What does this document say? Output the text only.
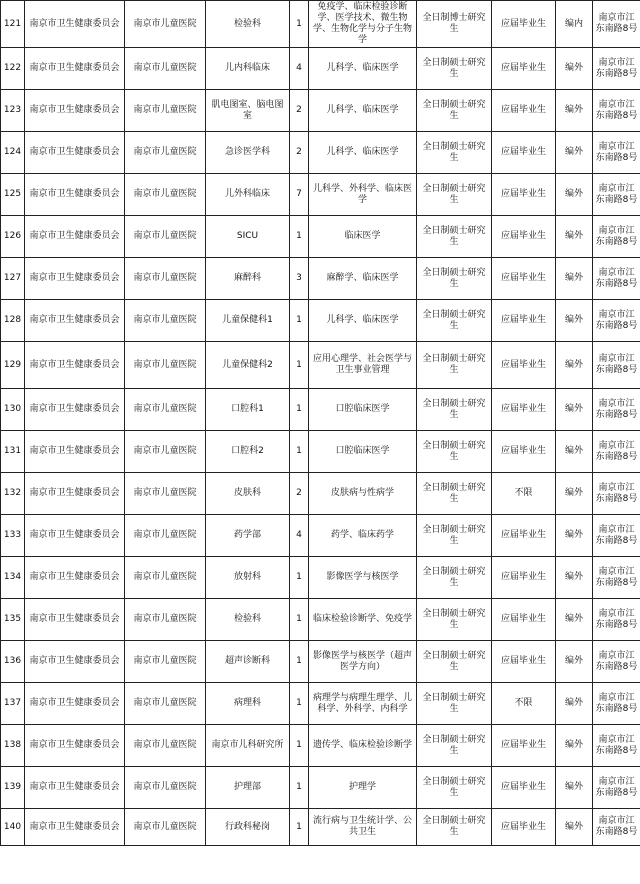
121	南京市卫生健康委员会	南京市儿童医院	检验科	1	免疫学、临床检验诊断学、医学技术、微生物学、生物化学与分子生物学	全日制博士研究生	应届毕业生	编内	南京市江东南路8号
122	南京市卫生健康委员会	南京市儿童医院	儿内科临床	4	儿科学、临床医学	全日制硕士研究生	应届毕业生	编外	南京市江东南路8号
123	南京市卫生健康委员会	南京市儿童医院	肌电图室、脑电图室	2	儿科学、临床医学	全日制硕士研究生	应届毕业生	编外	南京市江东南路8号
124	南京市卫生健康委员会	南京市儿童医院	急诊医学科	2	儿科学、临床医学	全日制硕士研究生	应届毕业生	编外	南京市江东南路8号
125	南京市卫生健康委员会	南京市儿童医院	儿外科临床	7	儿科学、外科学、临床医学	全日制硕士研究生	应届毕业生	编外	南京市江东南路8号
126	南京市卫生健康委员会	南京市儿童医院	SICU	1	临床医学	全日制硕士研究生	应届毕业生	编外	南京市江东南路8号
127	南京市卫生健康委员会	南京市儿童医院	麻醉科	3	麻醉学、临床医学	全日制硕士研究生	应届毕业生	编外	南京市江东南路8号
128	南京市卫生健康委员会	南京市儿童医院	儿童保健科1	1	儿科学、临床医学	全日制硕士研究生	应届毕业生	编外	南京市江东南路8号
129	南京市卫生健康委员会	南京市儿童医院	儿童保健科2	1	应用心理学、社会医学与卫生事业管理	全日制硕士研究生	应届毕业生	编外	南京市江东南路8号
130	南京市卫生健康委员会	南京市儿童医院	口腔科1	1	口腔临床医学	全日制硕士研究生	应届毕业生	编外	南京市江东南路8号
131	南京市卫生健康委员会	南京市儿童医院	口腔科2	1	口腔临床医学	全日制硕士研究生	应届毕业生	编外	南京市江东南路8号
132	南京市卫生健康委员会	南京市儿童医院	皮肤科	2	皮肤病与性病学	全日制硕士研究生	不限	编外	南京市江东南路8号
133	南京市卫生健康委员会	南京市儿童医院	药学部	4	药学、临床药学	全日制硕士研究生	应届毕业生	编外	南京市江东南路8号
134	南京市卫生健康委员会	南京市儿童医院	放射科	1	影像医学与核医学	全日制硕士研究生	应届毕业生	编外	南京市江东南路8号
135	南京市卫生健康委员会	南京市儿童医院	检验科	1	临床检验诊断学、免疫学	全日制硕士研究生	应届毕业生	编外	南京市江东南路8号
136	南京市卫生健康委员会	南京市儿童医院	超声诊断科	1	影像医学与核医学（超声医学方向）	全日制硕士研究生	应届毕业生	编外	南京市江东南路8号
137	南京市卫生健康委员会	南京市儿童医院	病理科	1	病理学与病理生理学、儿科学、外科学、内科学	全日制硕士研究生	不限	编外	南京市江东南路8号
138	南京市卫生健康委员会	南京市儿童医院	南京市儿科研究所	1	遗传学、临床检验诊断学	全日制硕士研究生	应届毕业生	编外	南京市江东南路8号
139	南京市卫生健康委员会	南京市儿童医院	护理部	1	护理学	全日制硕士研究生	应届毕业生	编外	南京市江东南路8号
140	南京市卫生健康委员会	南京市儿童医院	行政科秘岗	1	流行病与卫生统计学、公共卫生	全日制硕士研究生	应届毕业生	编外	南京市江东南路8号
